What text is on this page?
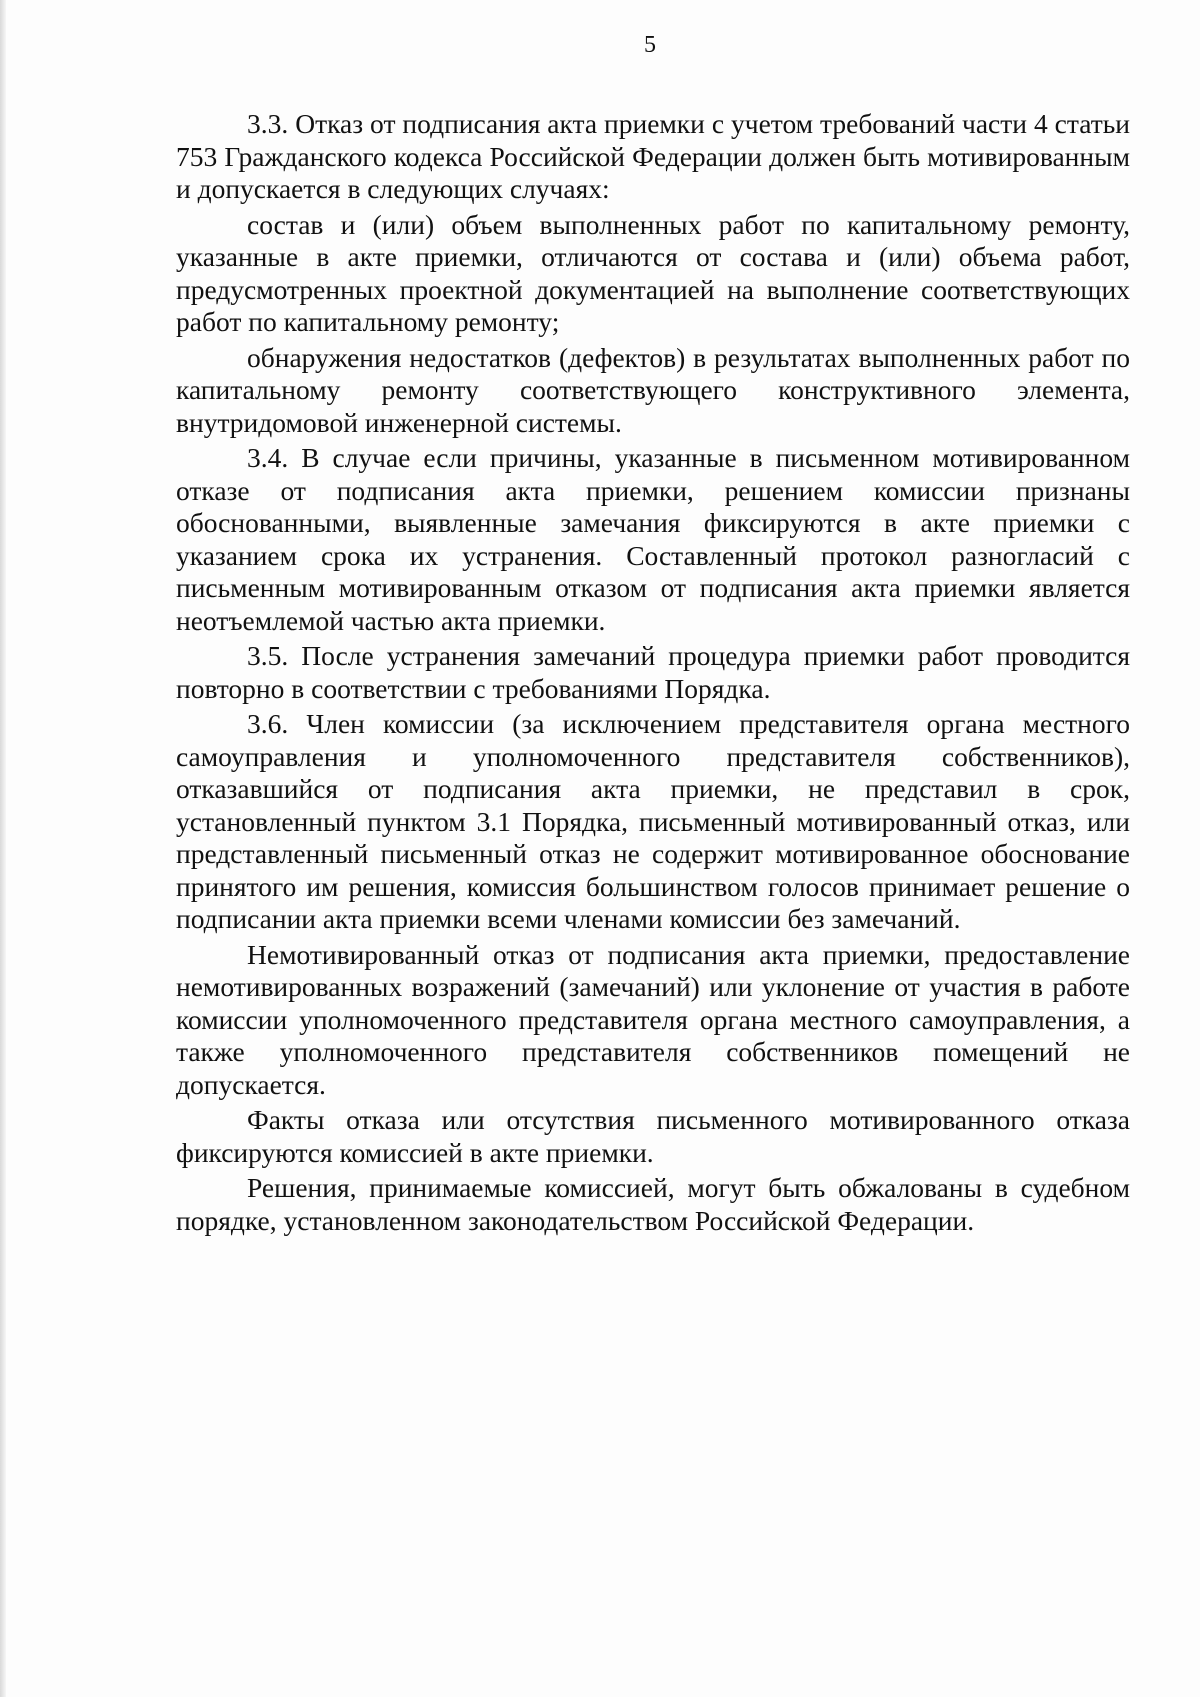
5

3.3. Отказ от подписания акта приемки с учетом требований части 4 статьи 753 Гражданского кодекса Российской Федерации должен быть мотивированным и допускается в следующих случаях:

состав и (или) объем выполненных работ по капитальному ремонту, указанные в акте приемки, отличаются от состава и (или) объема работ, предусмотренных проектной документацией на выполнение соответствующих работ по капитальному ремонту;

обнаружения недостатков (дефектов) в результатах выполненных работ по капитальному ремонту соответствующего конструктивного элемента, внутридомовой инженерной системы.

3.4. В случае если причины, указанные в письменном мотивированном отказе от подписания акта приемки, решением комиссии признаны обоснованными, выявленные замечания фиксируются в акте приемки с указанием срока их устранения. Составленный протокол разногласий с письменным мотивированным отказом от подписания акта приемки является неотъемлемой частью акта приемки.

3.5. После устранения замечаний процедура приемки работ проводится повторно в соответствии с требованиями Порядка.

3.6. Член комиссии (за исключением представителя органа местного самоуправления и уполномоченного представителя собственников), отказавшийся от подписания акта приемки, не представил в срок, установленный пунктом 3.1 Порядка, письменный мотивированный отказ, или представленный письменный отказ не содержит мотивированное обоснование принятого им решения, комиссия большинством голосов принимает решение о подписании акта приемки всеми членами комиссии без замечаний.

Немотивированный отказ от подписания акта приемки, предоставление немотивированных возражений (замечаний) или уклонение от участия в работе комиссии уполномоченного представителя органа местного самоуправления, а также уполномоченного представителя собственников помещений не допускается.

Факты отказа или отсутствия письменного мотивированного отказа фиксируются комиссией в акте приемки.

Решения, принимаемые комиссией, могут быть обжалованы в судебном порядке, установленном законодательством Российской Федерации.
